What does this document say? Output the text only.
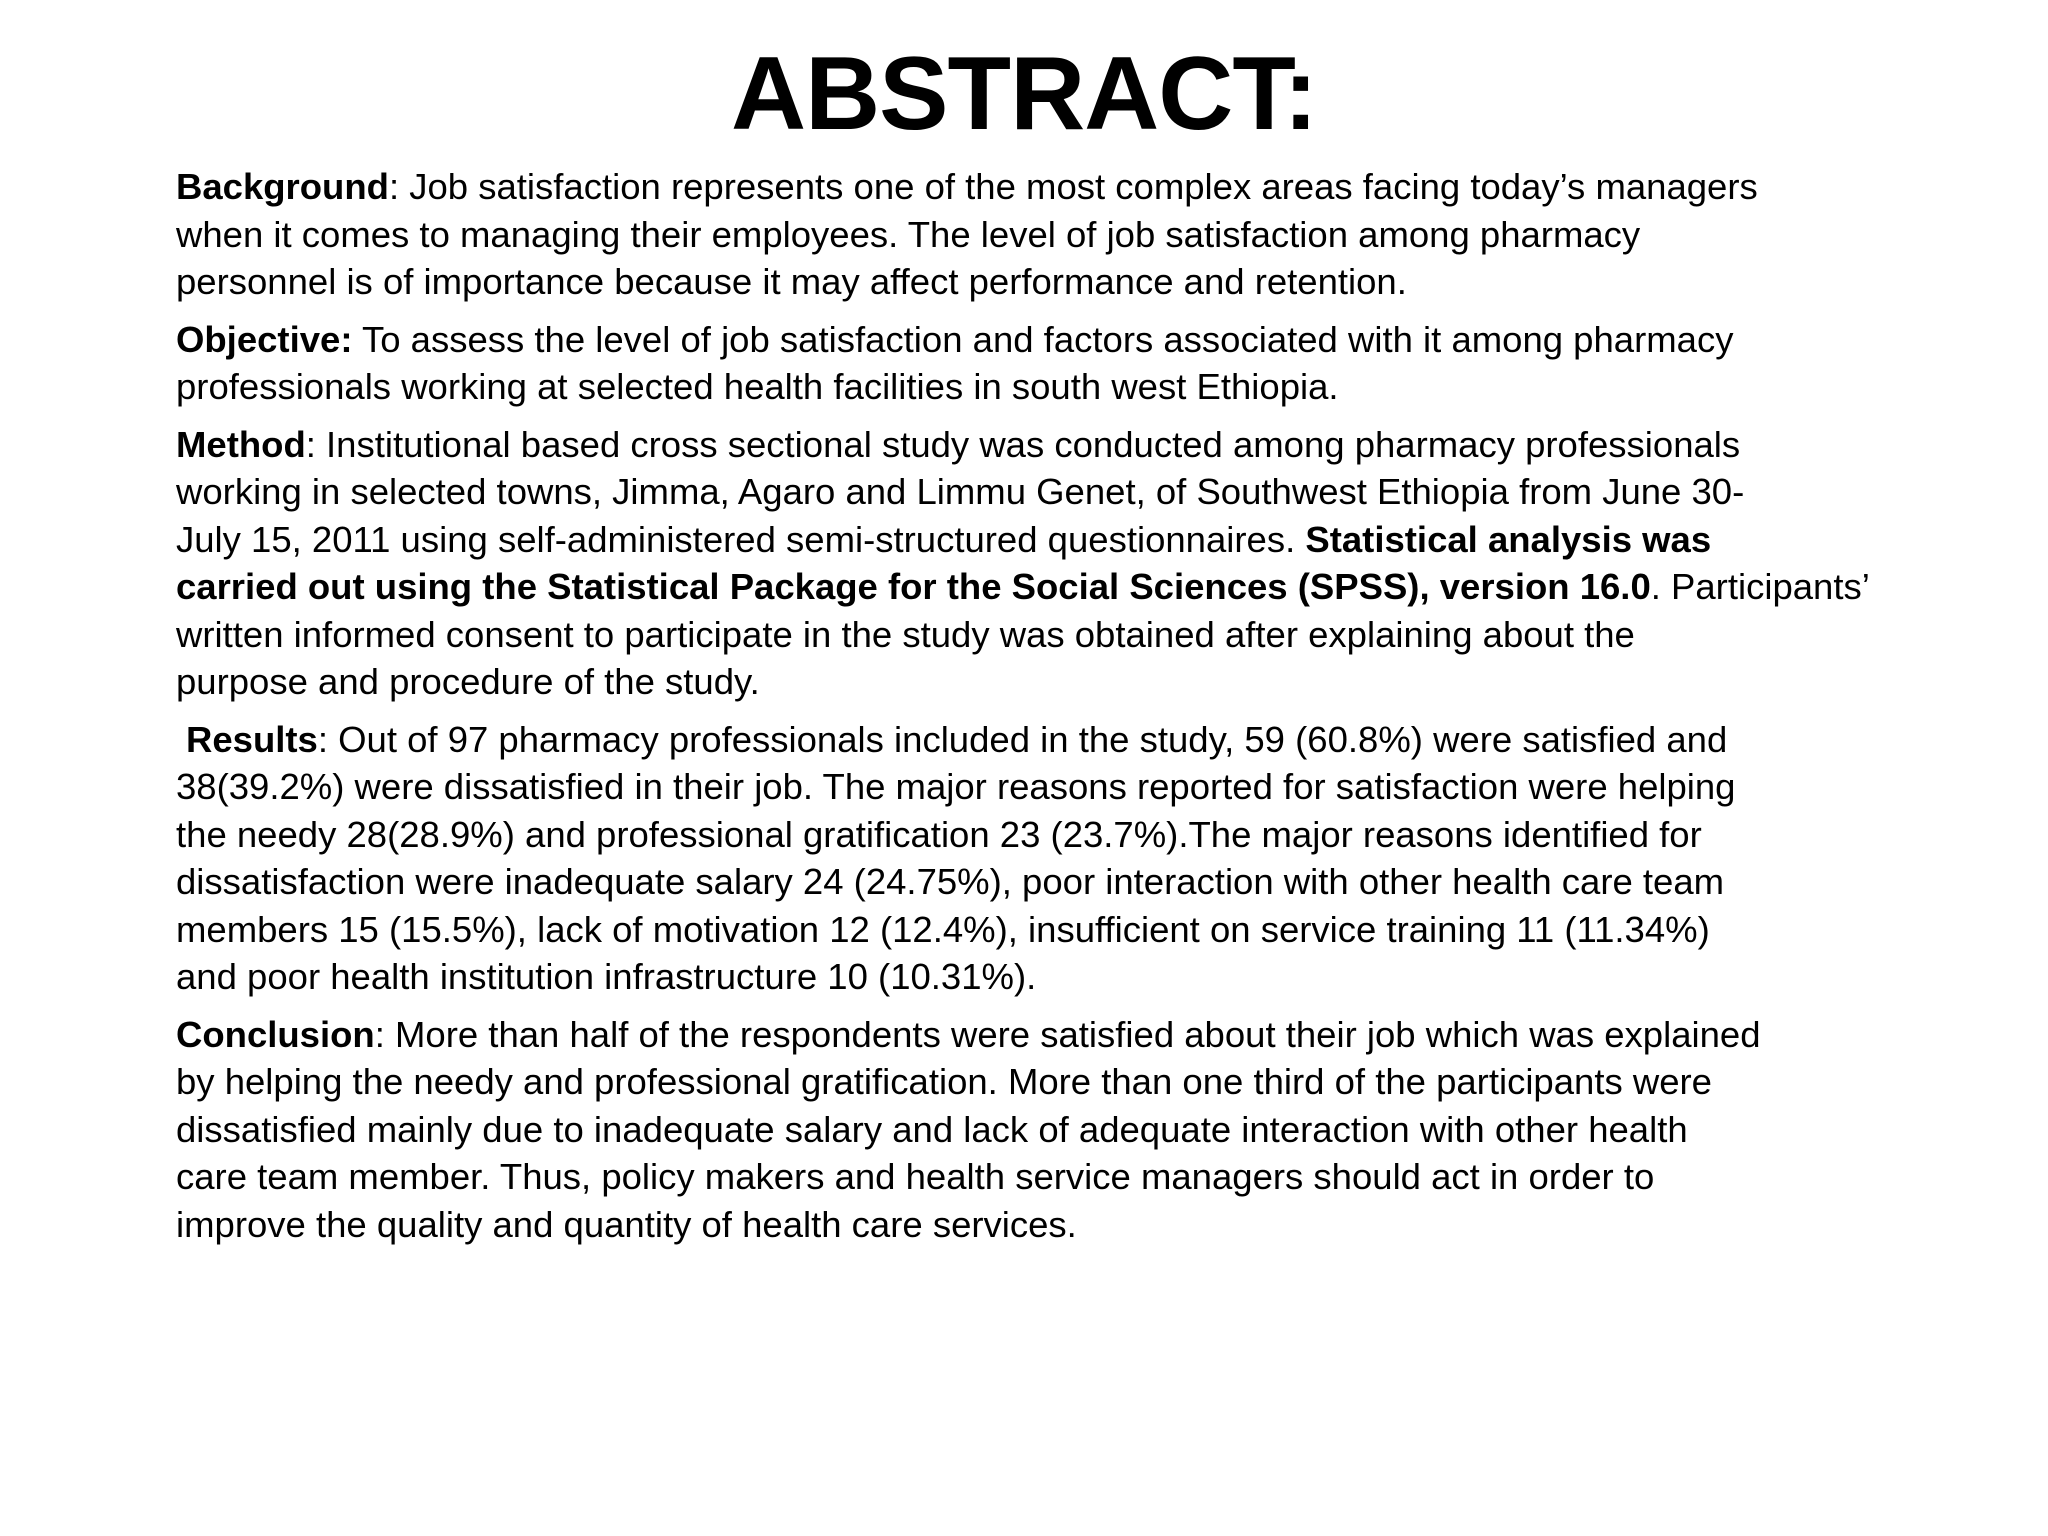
ABSTRACT:

Background: Job satisfaction represents one of the most complex areas facing today’s managers
when it comes to managing their employees. The level of job satisfaction among pharmacy
personnel is of importance because it may affect performance and retention.

Objective: To assess the level of job satisfaction and factors associated with it among pharmacy
professionals working at selected health facilities in south west Ethiopia.

Method: Institutional based cross sectional study was conducted among pharmacy professionals
working in selected towns, Jimma, Agaro and Limmu Genet, of Southwest Ethiopia from June 30-
July 15, 2011 using self-administered semi-structured questionnaires. Statistical analysis was
carried out using the Statistical Package for the Social Sciences (SPSS), version 16.0. Participants’
written informed consent to participate in the study was obtained after explaining about the
purpose and procedure of the study.

Results: Out of 97 pharmacy professionals included in the study, 59 (60.8%) were satisfied and
38(39.2%) were dissatisfied in their job. The major reasons reported for satisfaction were helping
the needy 28(28.9%) and professional gratification 23 (23.7%).The major reasons identified for
dissatisfaction were inadequate salary 24 (24.75%), poor interaction with other health care team
members 15 (15.5%), lack of motivation 12 (12.4%), insufficient on service training 11 (11.34%)
and poor health institution infrastructure 10 (10.31%).

Conclusion: More than half of the respondents were satisfied about their job which was explained
by helping the needy and professional gratification. More than one third of the participants were
dissatisfied mainly due to inadequate salary and lack of adequate interaction with other health
care team member. Thus, policy makers and health service managers should act in order to
improve the quality and quantity of health care services.
